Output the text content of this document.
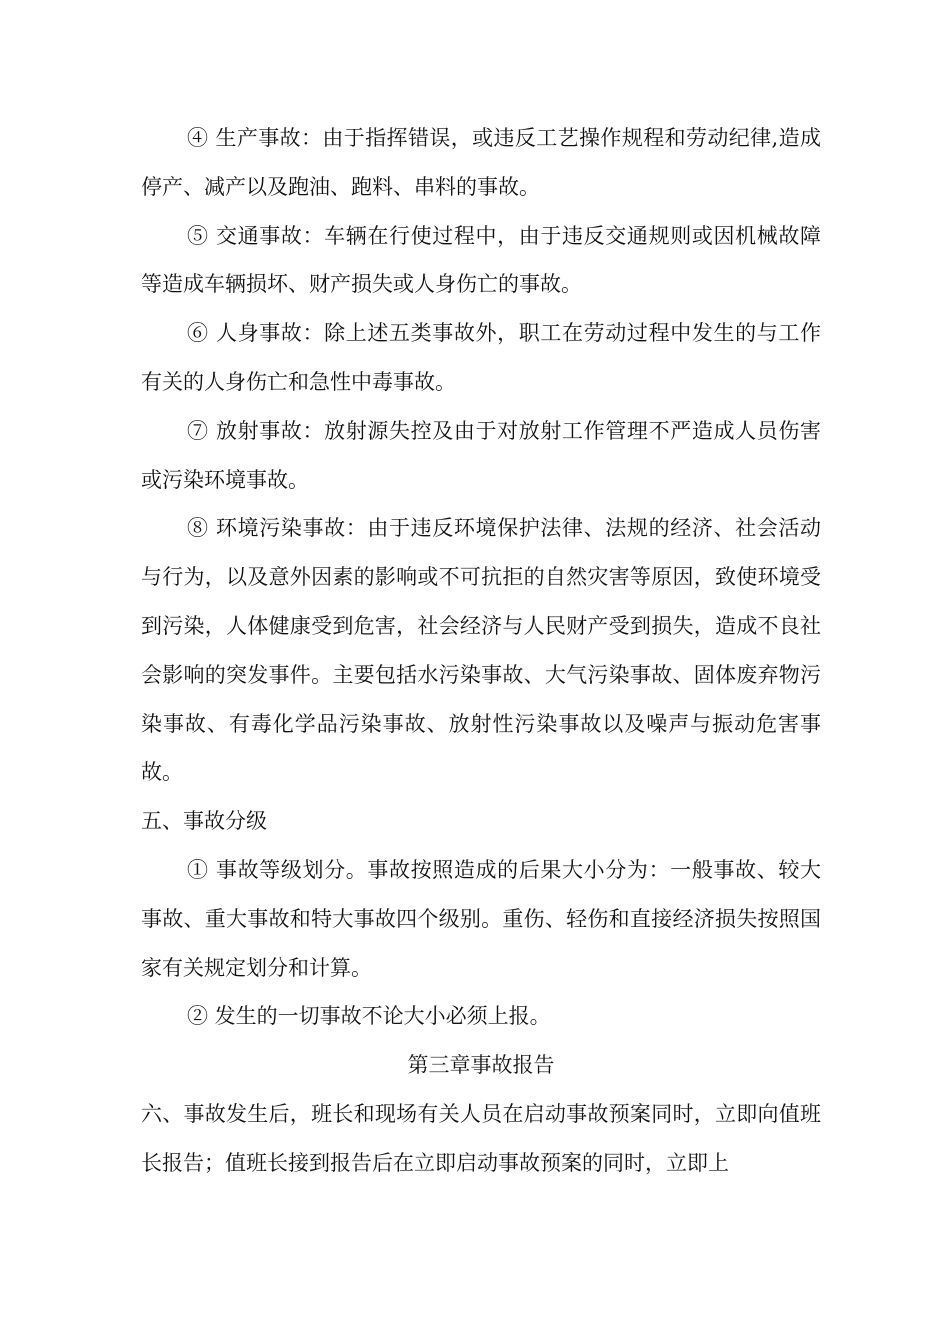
④ 生产事故：由于指挥错误，或违反工艺操作规程和劳动纪律,造成停产、减产以及跑油、跑料、串料的事故。

⑤ 交通事故：车辆在行使过程中，由于违反交通规则或因机械故障等造成车辆损坏、财产损失或人身伤亡的事故。

⑥ 人身事故：除上述五类事故外，职工在劳动过程中发生的与工作有关的人身伤亡和急性中毒事故。

⑦ 放射事故：放射源失控及由于对放射工作管理不严造成人员伤害或污染环境事故。

⑧ 环境污染事故：由于违反环境保护法律、法规的经济、社会活动与行为，以及意外因素的影响或不可抗拒的自然灾害等原因，致使环境受到污染，人体健康受到危害，社会经济与人民财产受到损失，造成不良社会影响的突发事件。主要包括水污染事故、大气污染事故、固体废弃物污染事故、有毒化学品污染事故、放射性污染事故以及噪声与振动危害事故。

五、事故分级

① 事故等级划分。事故按照造成的后果大小分为：一般事故、较大事故、重大事故和特大事故四个级别。重伤、轻伤和直接经济损失按照国家有关规定划分和计算。

② 发生的一切事故不论大小必须上报。

第三章事故报告

六、事故发生后，班长和现场有关人员在启动事故预案同时，立即向值班长报告；值班长接到报告后在立即启动事故预案的同时，立即上
